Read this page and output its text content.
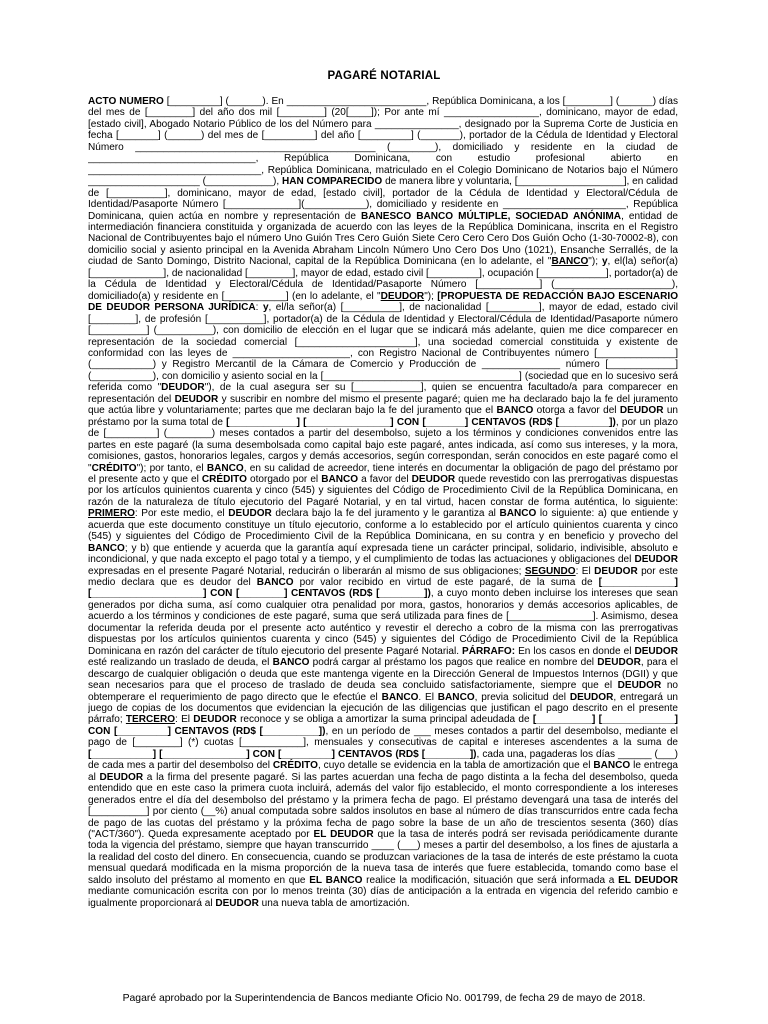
PAGARÉ NOTARIAL

ACTO NÚMERO [_________] (______). En _________________________, República Dominicana, a los [________] (______) días del mes de [________] del año dos mil [________] (20[____]); Por ante mí _________________, dominicano, mayor de edad, [estado civil], Abogado Notario Público de los del Número para _______________, designado por la Suprema Corte de Justicia en fecha [_______] (______) del mes de [_________] del año [_________] (_______), portador de la Cédula de Identidad y Electoral Número ___________________________________________ (________), domiciliado y residente en la ciudad de ______________________________, República Dominicana, con estudio profesional abierto en _______________________________, República Dominicana, matriculado en el Colegio Dominicano de Notarios bajo el Número ____________________ (____________), HAN COMPARECIDO de manera libre y voluntaria, [___________________], en calidad de [__________], dominicano, mayor de edad, [estado civil], portador de la Cédula de Identidad y Electoral/Cédula de Identidad/Pasaporte Número [_____________](___________), domiciliado y residente en ______________________, República Dominicana, quien actúa en nombre y representación de BANESCO BANCO MÚLTIPLE, SOCIEDAD ANÓNIMA, entidad de intermediación financiera constituida y organizada de acuerdo con las leyes de la República Dominicana, inscrita en el Registro Nacional de Contribuyentes bajo el número Uno Guión Tres Cero Guión Siete Cero Cero Cero Dos Guión Ocho (1-30-70002-8), con domicilio social y asiento principal en la Avenida Abraham Lincoln Número Uno Cero Dos Uno (1021), Ensanche Serrallés, de la ciudad de Santo Domingo, Distrito Nacional, capital de la República Dominicana (en lo adelante, el "BANCO"); y, el(la) señor(a) [_____________], de nacionalidad [________], mayor de edad, estado civil [_________], ocupación [____________], portador(a) de la Cédula de Identidad y Electoral/Cédula de Identidad/Pasaporte Número [___________] (_____________________), domiciliado(a) y residente en [___________] (en lo adelante, el "DEUDOR"); [PROPUESTA DE REDACCIÓN BAJO ESCENARIO DE DEUDOR PERSONA JURÍDICA: y, el/la señor(a) [__________], de nacionalidad [_________], mayor de edad, estado civil [________], de profesión [__________], portador(a) de la Cédula de Identidad y Electoral/Cédula de Identidad/Pasaporte número [__________] (__________), con domicilio de elección en el lugar que se indicará más adelante, quien me dice comparecer en representación de la sociedad comercial [_____________________], una sociedad comercial constituida y existente de conformidad con las leyes de _____________________, con Registro Nacional de Contribuyentes número [______________] (___________) y Registro Mercantil de la Cámara de Comercio y Producción de ______________ número [____________] (___________), con domicilio y asiento social en la [___________________________________] (sociedad que en lo sucesivo será referida como "DEUDOR"), de la cual asegura ser su [____________], quien se encuentra facultado/a para comparecer en representación del DEUDOR y suscribir en nombre del mismo el presente pagaré; quien me ha declarado bajo la fe del juramento que actúa libre y voluntariamente; partes que me declaran bajo la fe del juramento que el BANCO otorga a favor del DEUDOR un préstamo por la suma total de [____________] [_______________] CON [_______] CENTAVOS (RD$ [_________]), por un plazo de [_________] (________) meses contados a partir del desembolso, sujeto a los términos y condiciones convenidos entre las partes en este pagaré (la suma desembolsada como capital bajo este pagaré, antes indicada, así como sus intereses, y la mora, comisiones, gastos, honorarios legales, cargos y demás accesorios, según correspondan, serán conocidos en este pagaré como el "CRÉDITO"); por tanto, el BANCO, en su calidad de acreedor, tiene interés en documentar la obligación de pago del préstamo por el presente acto y que el CRÉDITO otorgado por el BANCO a favor del DEUDOR quede revestido con las prerrogativas dispuestas por los artículos quinientos cuarenta y cinco (545) y siguientes del Código de Procedimiento Civil de la República Dominicana, en razón de la naturaleza de título ejecutorio del Pagaré Notarial, y en tal virtud, hacen constar de forma auténtica, lo siguiente: PRIMERO: Por este medio, el DEUDOR declara bajo la fe del juramento y le garantiza al BANCO lo siguiente: a) que entiende y acuerda que este documento constituye un título ejecutorio, conforme a lo establecido por el artículo quinientos cuarenta y cinco (545) y siguientes del Código de Procedimiento Civil de la República Dominicana, en su contra y en beneficio y provecho del BANCO; y b) que entiende y acuerda que la garantía aquí expresada tiene un carácter principal, solidario, indivisible, absoluto e incondicional, y que nada excepto el pago total y a tiempo, y el cumplimiento de todas las actuaciones y obligaciones del DEUDOR expresadas en el presente Pagaré Notarial, reducirán o liberarán al mismo de sus obligaciones; SEGUNDO: El DEUDOR por este medio declara que es deudor del BANCO por valor recibido en virtud de este pagaré, de la suma de [_____________] [____________________] CON [________] CENTAVOS (RD$ [________]), a cuyo monto deben incluirse los intereses que sean generados por dicha suma, así como cualquier otra penalidad por mora, gastos, honorarios y demás accesorios aplicables, de acuerdo a los términos y condiciones de este pagaré, suma que será utilizada para fines de [_______________]. Asimismo, desea documentar la referida deuda por el presente acto auténtico y revestir el derecho a cobro de la misma con las prerrogativas dispuestas por los artículos quinientos cuarenta y cinco (545) y siguientes del Código de Procedimiento Civil de la República Dominicana en razón del carácter de título ejecutorio del presente Pagaré Notarial. PÁRRAFO: En los casos en donde el DEUDOR esté realizando un traslado de deuda, el BANCO podrá cargar al préstamo los pagos que realice en nombre del DEUDOR, para el descargo de cualquier obligación o deuda que este mantenga vigente en la Dirección General de Impuestos Internos (DGII) y que sean necesarios para que el proceso de traslado de deuda sea concluido satisfactoriamente, siempre que el DEUDOR no obtemperare el requerimiento de pago directo que le efectúe el BANCO. El BANCO, previa solicitud del DEUDOR, entregará un juego de copias de los documentos que evidencian la ejecución de las diligencias que justifican el pago descrito en el presente párrafo; TERCERO: El DEUDOR reconoce y se obliga a amortizar la suma principal adeudada de [__________] [_____________] CON [_________] CENTAVOS (RD$ [__________]), en un período de ___ meses contados a partir del desembolso, mediante el pago de [________] (*) cuotas [___________], mensuales y consecutivas de capital e intereses ascendentes a la suma de [___________] [_______________] CON [_________] CENTAVOS (RD$ [________]), cada una, pagaderas los días ______ (___) de cada mes a partir del desembolso del CRÉDITO, cuyo detalle se evidencia en la tabla de amortización que el BANCO le entrega al DEUDOR a la firma del presente pagaré. Si las partes acuerdan una fecha de pago distinta a la fecha del desembolso, queda entendido que en este caso la primera cuota incluirá, además del valor fijo establecido, el monto correspondiente a los intereses generados entre el día del desembolso del préstamo y la primera fecha de pago. El préstamo devengará una tasa de interés del [__________] por ciento (__%) anual computada sobre saldos insolutos en base al número de días transcurridos entre cada fecha de pago de las cuotas del préstamo y la próxima fecha de pago sobre la base de un año de trescientos sesenta (360) días ("ACT/360"). Queda expresamente aceptado por EL DEUDOR que la tasa de interés podrá ser revisada periódicamente durante toda la vigencia del préstamo, siempre que hayan transcurrido ____ (___) meses a partir del desembolso, a los fines de ajustarla a la realidad del costo del dinero. En consecuencia, cuando se produzcan variaciones de la tasa de interés de este préstamo la cuota mensual quedará modificada en la misma proporción de la nueva tasa de interés que fuere establecida, tomando como base el saldo insoluto del préstamo al momento en que EL BANCO realice la modificación, situación que será informada a EL DEUDOR mediante comunicación escrita con por lo menos treinta (30) días de anticipación a la entrada en vigencia del referido cambio e igualmente proporcionará al DEUDOR una nueva tabla de amortización.

Pagaré aprobado por la Superintendencia de Bancos mediante Oficio No. 001799, de fecha 29 de mayo de 2018.
